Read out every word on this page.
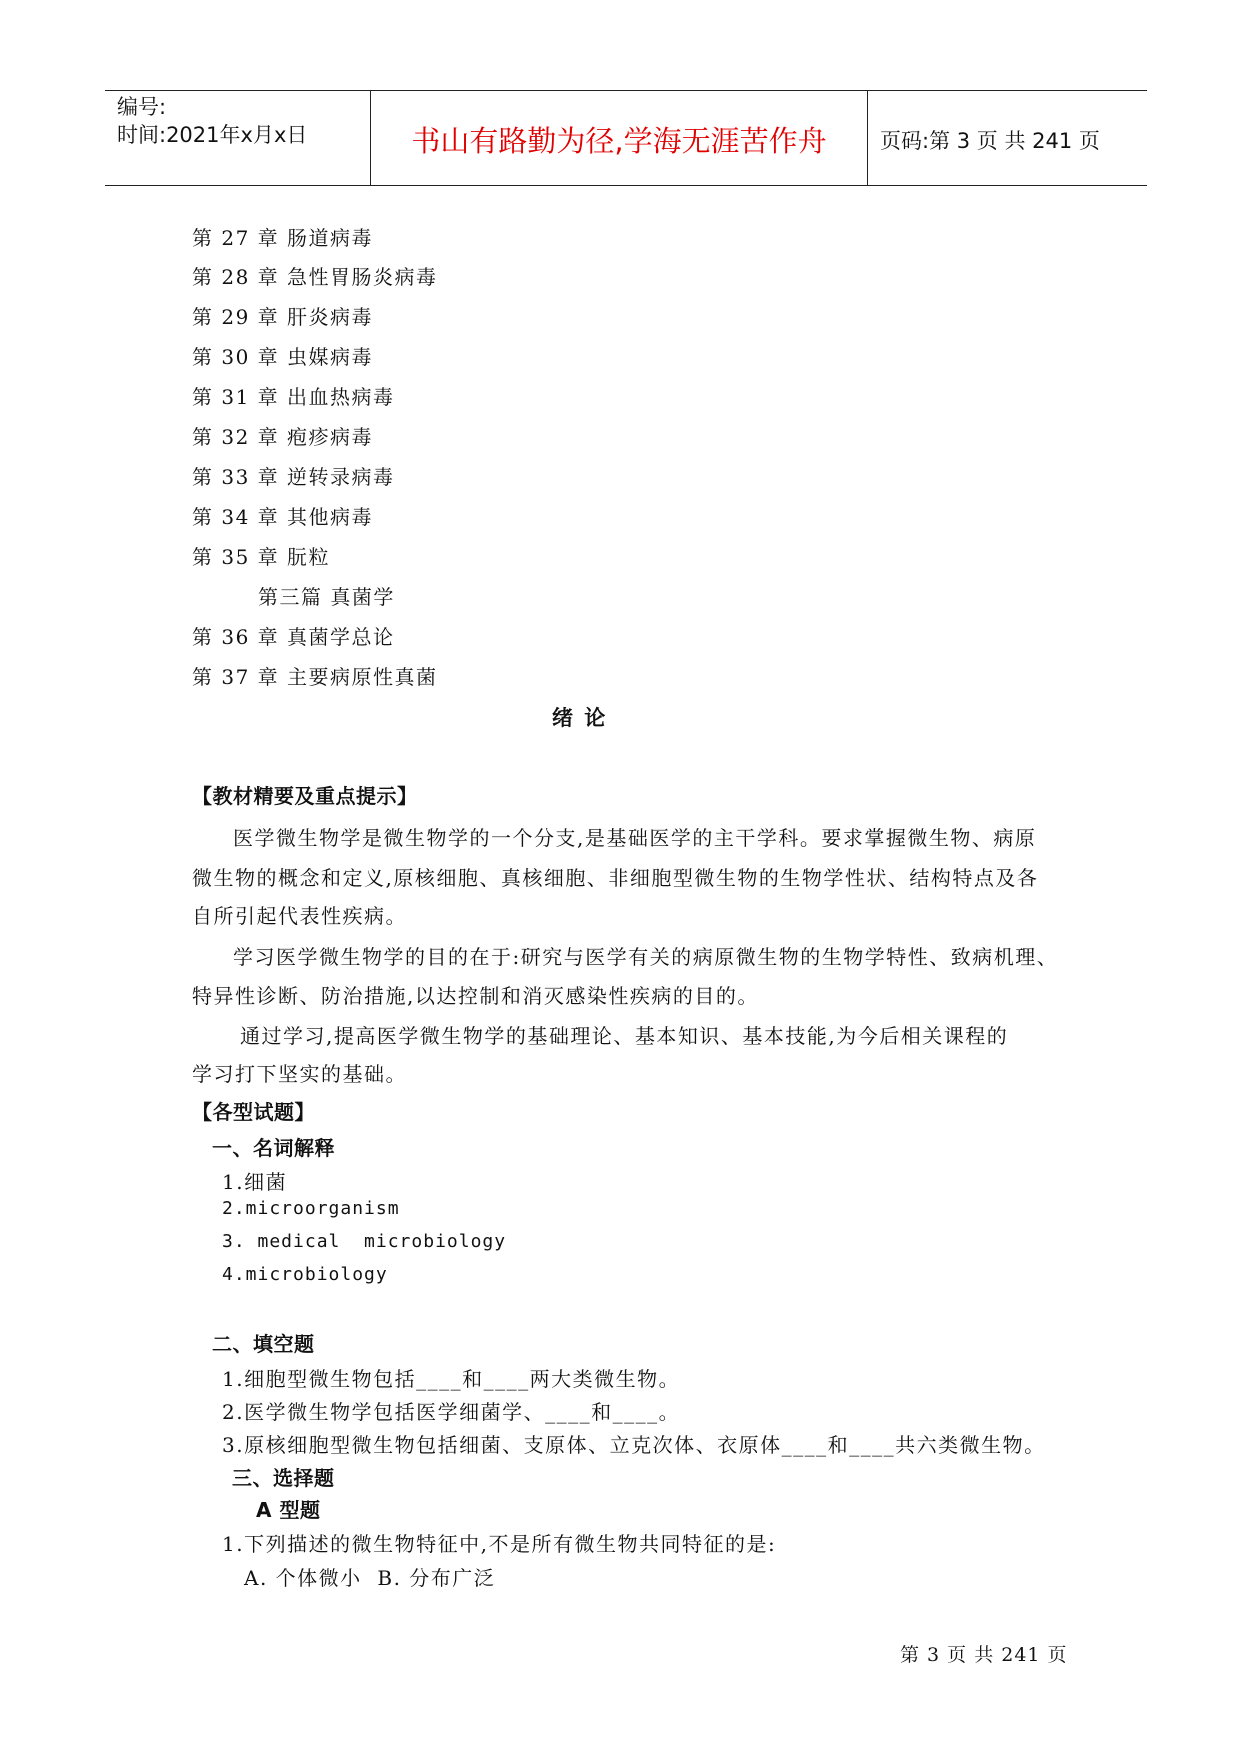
编号:
时间:2021年x月x日	书山有路勤为径,学海无涯苦作舟	页码:第 3 页 共 241 页
第 27 章 肠道病毒
第 28 章 急性胃肠炎病毒
第 29 章 肝炎病毒
第 30 章 虫媒病毒
第 31 章 出血热病毒
第 32 章 疱疹病毒
第 33 章 逆转录病毒
第 34 章 其他病毒
第 35 章 朊粒
第三篇 真菌学
第 36 章 真菌学总论
第 37 章 主要病原性真菌
绪 论
【教材精要及重点提示】
医学微生物学是微生物学的一个分支,是基础医学的主干学科。要求掌握微生物、病原
微生物的概念和定义,原核细胞、真核细胞、非细胞型微生物的生物学性状、结构特点及各
自所引起代表性疾病。
学习医学微生物学的目的在于:研究与医学有关的病原微生物的生物学特性、致病机理、
特异性诊断、防治措施,以达控制和消灭感染性疾病的目的。
通过学习,提高医学微生物学的基础理论、基本知识、基本技能,为今后相关课程的
学习打下坚实的基础。
【各型试题】
一、名词解释
1.细菌
2.microorganism
3. medical  microbiology
4.microbiology
二、填空题
1.细胞型微生物包括____和____两大类微生物。
2.医学微生物学包括医学细菌学、____和____。
3.原核细胞型微生物包括细菌、支原体、立克次体、衣原体____和____共六类微生物。
三、选择题
A 型题
1.下列描述的微生物特征中,不是所有微生物共同特征的是:
A. 个体微小  B. 分布广泛
第 3 页 共 241 页
